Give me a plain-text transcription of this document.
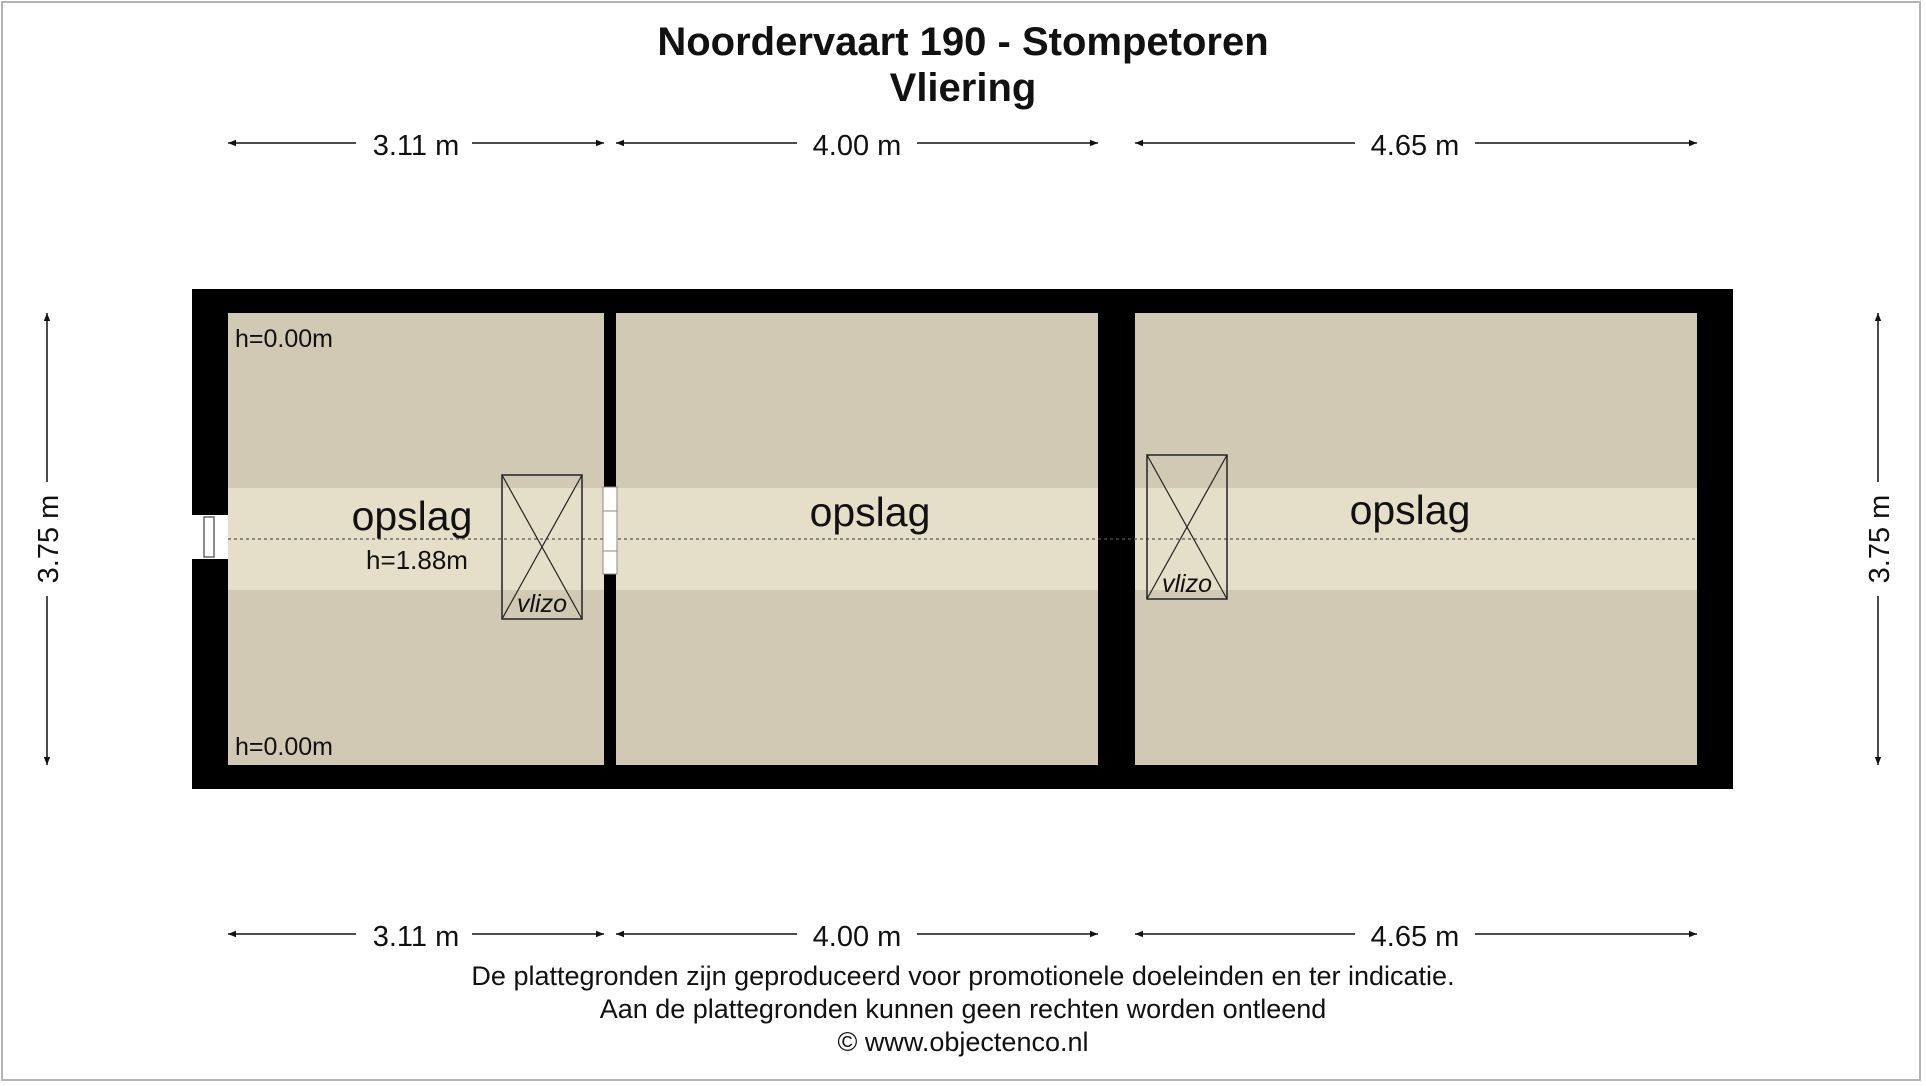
Noordervaart 190 - Stompetoren
Vliering
opslag
h=1.88m
opslag	opslag
h=0.00m
h=0.00m
vlizo
vlizo
3.11 m	4.00 m	4.65 m
3.11 m	4.00 m	4.65 m
3.75 m	3.75 m
De plattegronden zijn geproduceerd voor promotionele doeleinden en ter indicatie.
Aan de plattegronden kunnen geen rechten worden ontleend
© www.objectenco.nl
